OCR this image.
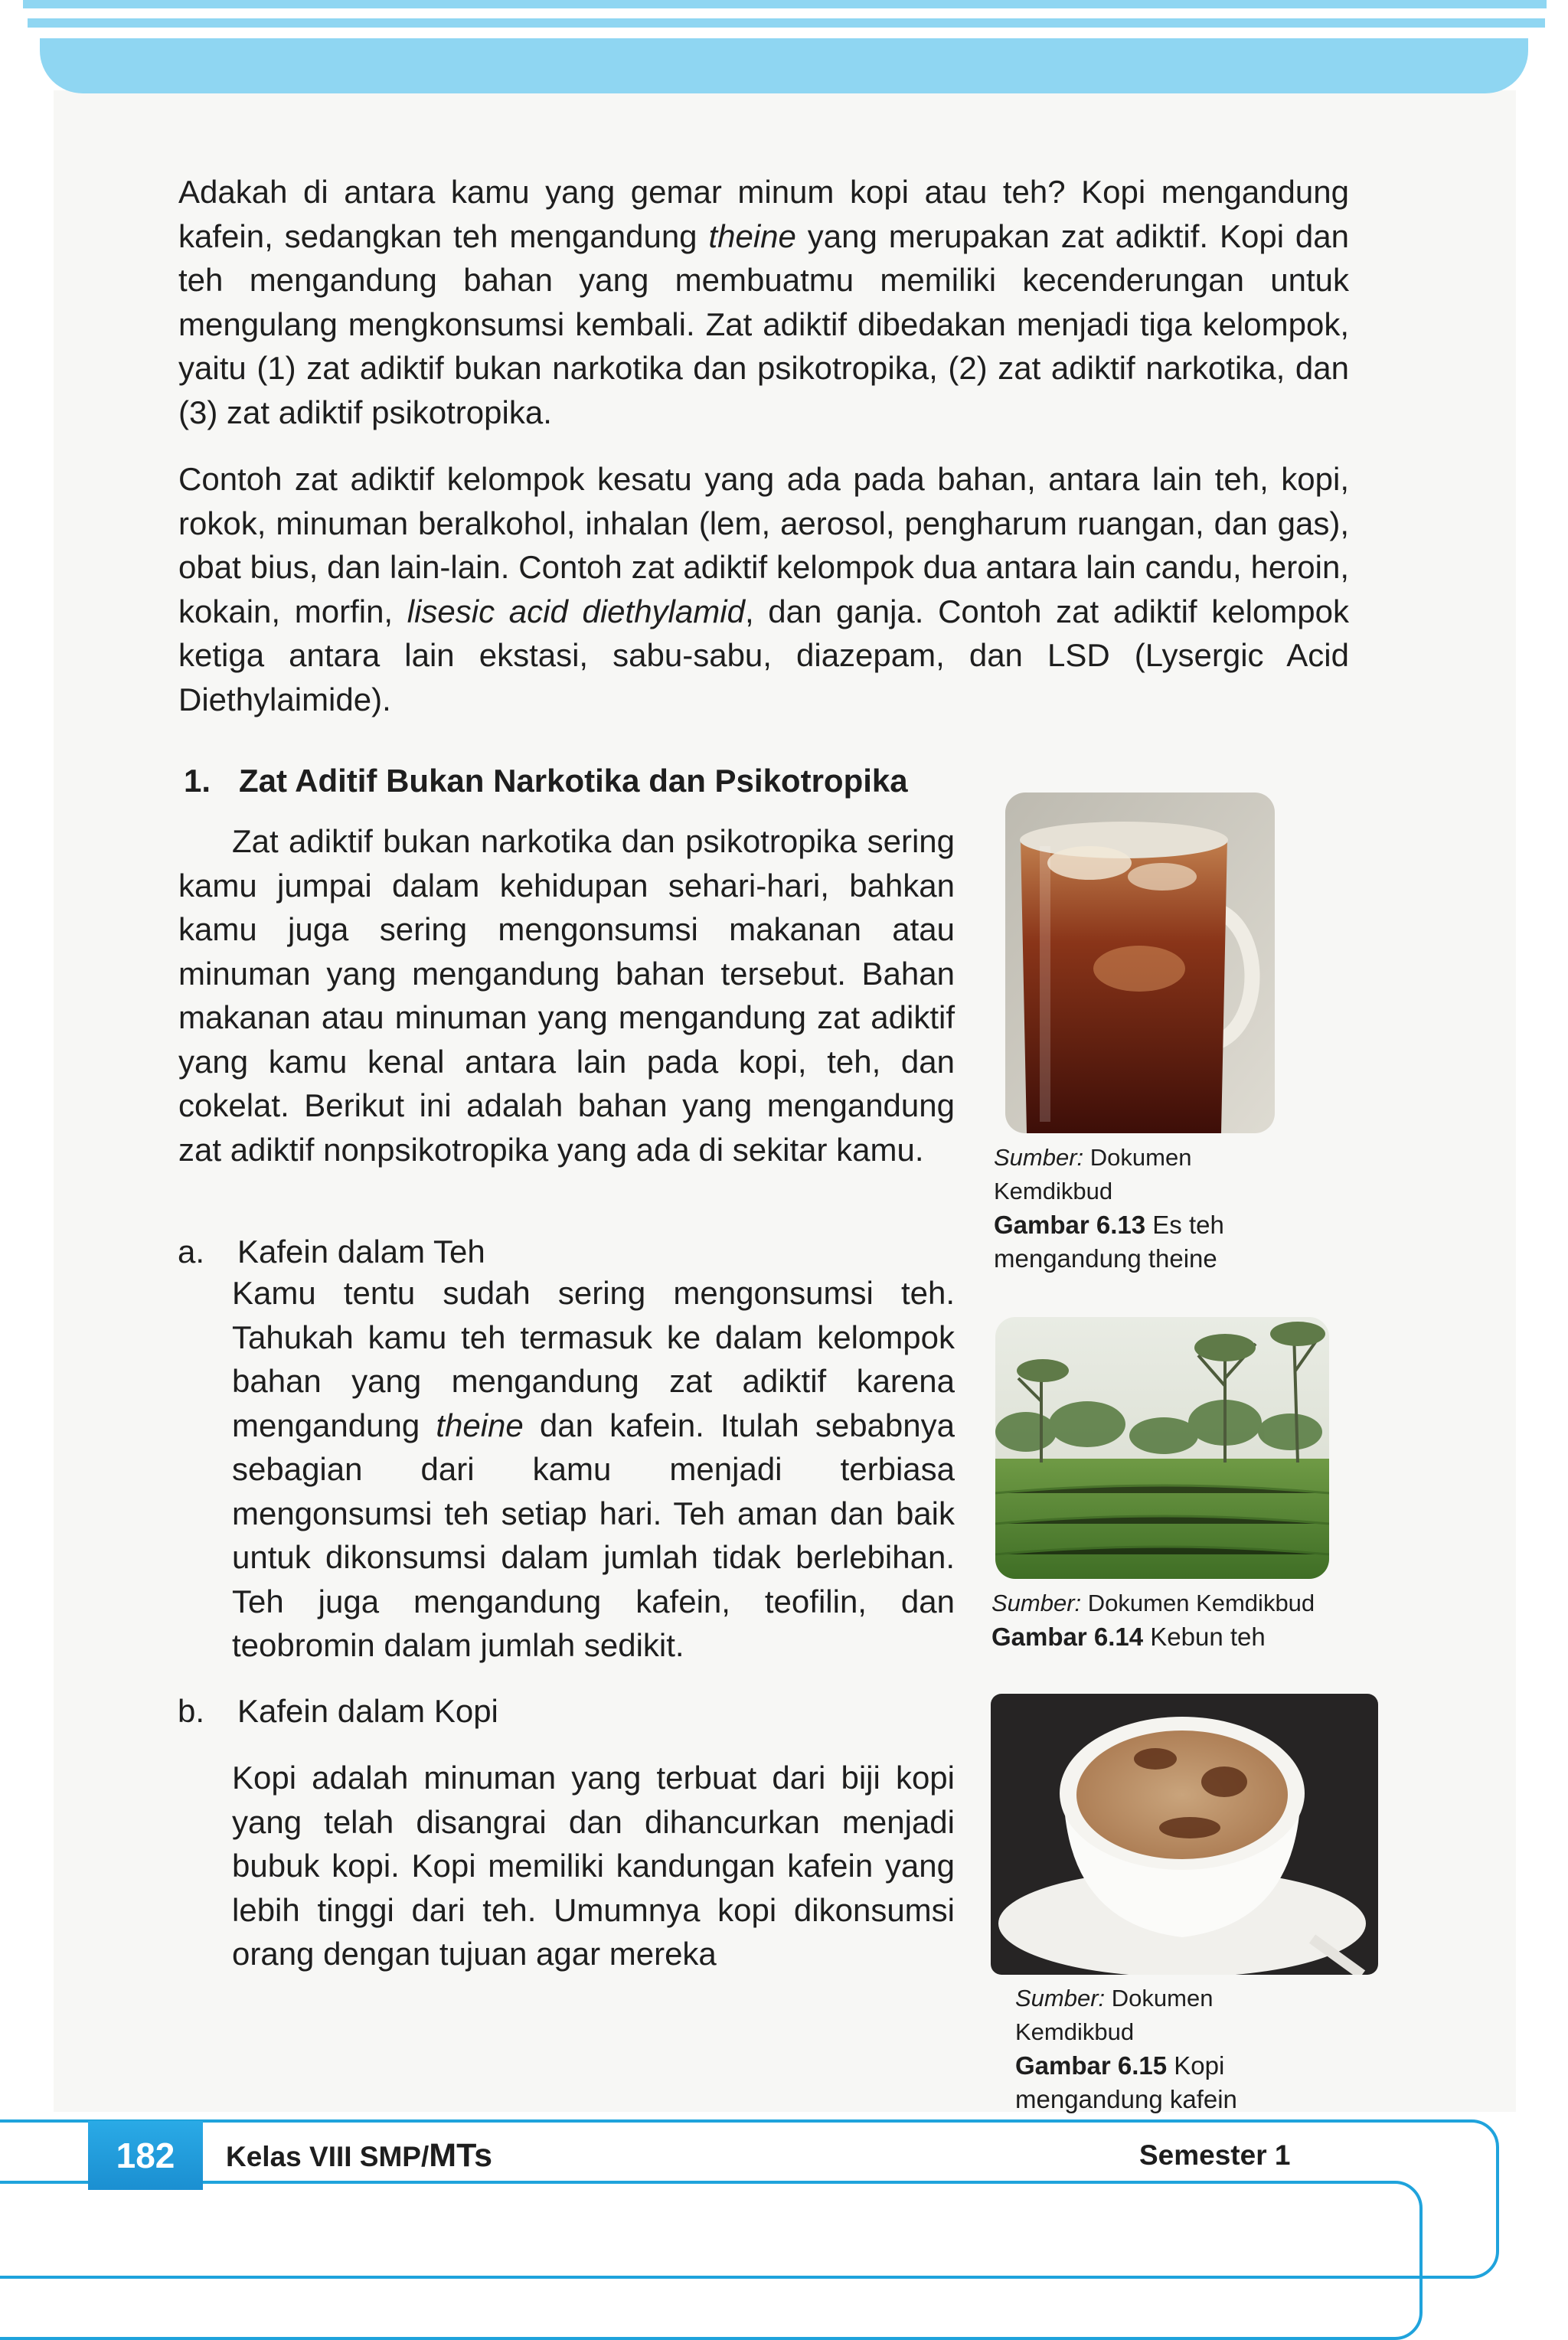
Adakah di antara kamu yang gemar minum kopi atau teh? Kopi mengandung kafein, sedangkan teh mengandung theine yang merupakan zat adiktif. Kopi dan teh mengandung bahan yang membuatmu memiliki kecenderungan untuk mengulang mengkonsumsi kembali. Zat adiktif dibedakan menjadi tiga kelompok, yaitu (1) zat adiktif bukan narkotika dan psikotropika, (2) zat adiktif narkotika, dan (3) zat adiktif psikotropika.

Contoh zat adiktif kelompok kesatu yang ada pada bahan, antara lain teh, kopi, rokok, minuman beralkohol, inhalan (lem, aerosol, pengharum ruangan, dan gas), obat bius, dan lain-lain. Contoh zat adiktif kelompok dua antara lain candu, heroin, kokain, morfin, lisesic acid diethylamid, dan ganja. Contoh zat adiktif kelompok ketiga antara lain ekstasi, sabu-sabu, diazepam, dan LSD (Lysergic Acid Diethylaimide).

1. Zat Aditif Bukan Narkotika dan Psikotropika

Zat adiktif bukan narkotika dan psikotropika sering kamu jumpai dalam kehidupan sehari-hari, bahkan kamu juga sering mengonsumsi makanan atau minuman yang mengandung bahan tersebut. Bahan makanan atau minuman yang mengandung zat adiktif yang kamu kenal antara lain pada kopi, teh, dan cokelat. Berikut ini adalah bahan yang mengandung zat adiktif nonpsikotropika yang ada di sekitar kamu.

a. Kafein dalam Teh

Kamu tentu sudah sering mengonsumsi teh. Tahukah kamu teh termasuk ke dalam kelompok bahan yang mengandung zat adiktif karena mengandung theine dan kafein. Itulah sebabnya sebagian dari kamu menjadi terbiasa mengonsumsi teh setiap hari. Teh aman dan baik untuk dikonsumsi dalam jumlah tidak berlebihan. Teh juga mengandung kafein, teofilin, dan teobromin dalam jumlah sedikit.

b. Kafein dalam Kopi

Kopi adalah minuman yang terbuat dari biji kopi yang telah disangrai dan dihancurkan menjadi bubuk kopi. Kopi memiliki kandungan kafein yang lebih tinggi dari teh. Umumnya kopi dikonsumsi orang dengan tujuan agar mereka

Sumber: Dokumen Kemdikbud
Gambar 6.13 Es teh mengandung theine
Sumber: Dokumen Kemdikbud
Gambar 6.14 Kebun teh
Sumber: Dokumen Kemdikbud
Gambar 6.15 Kopi mengandung kafein
182	Kelas VIII SMP/MTs	Semester 1
